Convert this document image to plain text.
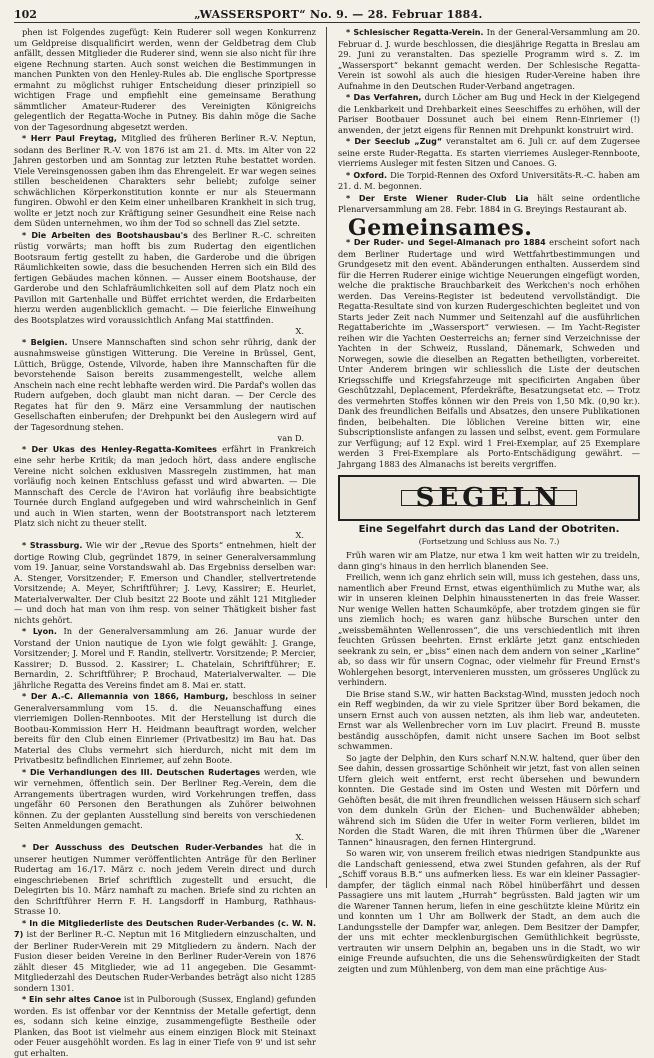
102	„WASSERSPORT“ No. 9. — 28. Februar 1884.

phen ist Folgendes zugefügt: Kein Ruderer soll wegen Konkurrenz um Geldpreise disqualificirt werden, wenn der Geldbetrag dem Club anfällt, dessen Mitglieder die Ruderer sind, wenn sie also nicht für ihre eigene Rechnung starten. Auch sonst weichen die Bestimmungen in manchen Punkten von den Henley-Rules ab. Die englische Sportpresse ermahnt zu möglichst ruhiger Entscheidung dieser prinzipiell so wichtigen Frage und empfiehlt eine gemeinsame Berathung sämmtlicher Amateur-Ruderer des Vereinigten Königreichs gelegentlich der Regatta-Woche in Putney. Bis dahin möge die Sache von der Tagesordnung abgesetzt werden.

* Herr Paul Freytag, Mitglied des früheren Berliner R.-V. Neptun, sodann des Berliner R.-V. von 1876 ist am 21. d. Mts. im Alter von 22 Jahren gestorben und am Sonntag zur letzten Ruhe bestattet worden. Viele Vereinsgenossen gaben ihm das Ehrengeleit. Er war wegen seines stillen bescheidenen Charakters sehr beliebt; zufolge seiner schwächlichen Körperkonstitution konnte er nur als Steuermann fungiren. Obwohl er den Keim einer unheilbaren Krankheit in sich trug, wollte er jetzt noch zur Kräftigung seiner Gesundheit eine Reise nach dem Süden unternehmen, wo ihm der Tod so schnell das Ziel setzte.

* Die Arbeiten des Bootshausbau's des Berliner R.-C. schreiten rüstig vorwärts; man hofft bis zum Rudertag den eigentlichen Bootsraum fertig gestellt zu haben, die Garderobe und die übrigen Räumlichkeiten sowie, dass die besuchenden Herren sich ein Bild des fertigen Gebäudes machen können. — Ausser einem Bootshause, der Garderobe und den Schlafräumlichkeiten soll auf dem Platz noch ein Pavillon mit Gartenhalle und Büffet errichtet werden, die Erdarbeiten hierzu werden augenblicklich gemacht. — Die feierliche Einweihung des Bootsplatzes wird voraussichtlich Anfang Mai stattfinden.

X.

* Belgien. Unsere Mannschaften sind schon sehr rührig, dank der ausnahmsweise günstigen Witterung. Die Vereine in Brüssel, Gent, Lüttich, Brügge, Ostende, Vilvorde, haben ihre Mannschaften für die bevorstehende Saison bereits zusammengestellt, welche allem Anschein nach eine recht lebhafte werden wird. Die Pardaf's wollen das Rudern aufgeben, doch glaubt man nicht daran. — Der Cercle des Regates hat für den 9. März eine Versammlung der nautischen Gesellschaften einberufen; der Drehpunkt bei den Auslegern wird auf der Tagesordnung stehen.

van D.

* Der Ukas des Henley-Regatta-Komitees erfährt in Frankreich eine sehr herbe Kritik; da man jedoch hört, dass andere englische Vereine nicht solchen exklusiven Massregeln zustimmen, hat man vorläufig noch keinen Entschluss gefasst und wird abwarten. — Die Mannschaft des Cercle de l'Aviron hat vorläufig ihre beabsichtigte Tournée durch England aufgegeben und wird wahrscheinlich in Genf und auch in Wien starten, wenn der Bootstransport nach letzterem Platz sich nicht zu theuer stellt.

X.

* Strassburg. Wie wir der „Revue des Sports“ entnehmen, hielt der dortige Rowing Club, gegründet 1879, in seiner Generalversammlung vom 19. Januar, seine Vorstandswahl ab. Das Ergebniss derselben war: A. Stenger, Vorsitzender; F. Emerson und Chandler, stellvertretende Vorsitzende; A. Meyer, Schriftführer; J. Levy, Kassirer; E. Heurlet, Materialverwalter. Der Club besitzt 22 Boote und zählt 121 Mitglieder — und doch hat man von ihm resp. von seiner Thätigkeit bisher fast nichts gehört.

* Lyon. In der Generalversammlung am 26. Januar wurde der Vorstand der Union nautique de Lyon wie folgt gewählt: J. Grange, Vorsitzender; J. Morel und F. Randin, stellvertr. Vorsitzende; P. Mercier, Kassirer; D. Bussod. 2. Kassirer; L. Chatelain, Schriftführer; E. Bernardin, 2. Schriftführer; P. Brochaud, Materialverwalter. — Die jährliche Regatta des Vereins findet am 8. Mai er. statt.

* Der A.-C. Allemannia von 1866, Hamburg, beschloss in seiner Generalversammlung vom 15. d. die Neuanschaffung eines vierriemigen Dollen-Rennbootes. Mit der Herstellung ist durch die Bootbau-Kommission Herr H. Heidmann beauftragt worden, welcher bereits für den Club einen Einriemer (Privatbesitz) im Bau hat. Das Material des Clubs vermehrt sich hierdurch, nicht mit dem im Privatbesitz befindlichen Einriemer, auf zehn Boote.

* Die Verhandlungen des III. Deutschen Rudertages werden, wie wir vernehmen, öffentlich sein. Der Berliner Reg.-Verein, dem die Arrangements übertragen wurden, wird Vorkehrungen treffen, dass ungefähr 60 Personen den Berathungen als Zuhörer beiwohnen können. Zu der geplanten Ausstellung sind bereits von verschiedenen Seiten Anmeldungen gemacht.

X.

* Der Ausschuss des Deutschen Ruder-Verbandes hat die in unserer heutigen Nummer veröffentlichten Anträge für den Berliner Rudertag am 16./17. März c. noch jedem Verein direct und durch eingeschriebenen Brief schriftlich zugestellt und ersucht, die Delegirten bis 10. März namhaft zu machen. Briefe sind zu richten an den Schriftführer Herrn F. H. Langsdorff in Hamburg, Rathhaus-Strasse 10.

* In die Mitgliederliste des Deutschen Ruder-Verbandes (c. W. N. 7) ist der Berliner R.-C. Neptun mit 16 Mitgliedern einzuschalten, und der Berliner Ruder-Verein mit 29 Mitgliedern zu ändern. Nach der Fusion dieser beiden Vereine in den Berliner Ruder-Verein von 1876 zählt dieser 45 Mitglieder, wie ad 11 angegeben. Die Gesammt-Mitgliederzahl des Deutschen Ruder-Verbandes beträgt also nicht 1285 sondern 1301.

* Ein sehr altes Canoe ist in Pulborough (Sussex, England) gefunden worden. Es ist offenbar vor der Kenntniss der Metalle gefertigt, denn es, sodann sich keine einzige, zusammengefügte Bestheile oder Planken, das Boot ist vielmehr aus einem einzigen Block mit Steinaxt oder Feuer ausgehöhlt worden. Es lag in einer Tiefe von 9' und ist sehr gut erhalten.

* Schlesischer Regatta-Verein. In der General-Versammlung am 20. Februar d. J. wurde beschlossen, die diesjährige Regatta in Breslau am 29. Juni zu veranstalten. Das spezielle Programm wird s. Z. im „Wassersport“ bekannt gemacht werden. Der Schlesische Regatta-Verein ist sowohl als auch die hiesigen Ruder-Vereine haben ihre Aufnahme in den Deutschen Ruder-Verband angetragen.

* Das Verfahren, durch Löcher am Bug und Heck in der Kielgegend die Lenkbarkeit und Drehbarkeit eines Seeschiffes zu erhöhen, will der Pariser Bootbauer Dossunet auch bei einem Renn-Einriemer (!) anwenden, der jetzt eigens für Rennen mit Drehpunkt konstruirt wird.

* Der Seeclub „Zug“ veranstaltet am 6. Juli cr. auf dem Zugersee seine erste Ruder-Regatta. Es starten vierriemes Ausleger-Rennboote, vierriems Ausleger mit festen Sitzen und Canoes. G.

* Oxford. Die Torpid-Rennen des Oxford Universitäts-R.-C. haben am 21. d. M. begonnen.

* Der Erste Wiener Ruder-Club Lia hält seine ordentliche Plenarversammlung am 28. Febr. 1884 in G. Breyings Restaurant ab.

Gemeinsames.

* Der Ruder- und Segel-Almanach pro 1884 erscheint sofort nach dem Berliner Rudertage und wird Wettfahrtbestimmungen und Grundgesetz mit den event. Abänderungen enthalten. Ausserdem sind für die Herren Ruderer einige wichtige Neuerungen eingefügt worden, welche die praktische Brauchbarkeit des Werkchen's noch erhöhen werden. Das Vereins-Register ist bedeutend vervollständigt. Die Regatta-Resultate sind von kurzen Rudergeschichten begleitet und von Starts jeder Zeit nach Nummer und Seitenzahl auf die ausführlichen Regattaberichte im „Wassersport“ verwiesen. — Im Yacht-Register reihen wir die Yachten Oesterreichs an; ferner sind Verzeichnisse der Yachten in der Schweiz, Russland, Dänemark, Schweden und Norwegen, sowie die dieselben an Regatten betheiligten, vorbereitet. Unter Anderem bringen wir schliesslich die Liste der deutschen Kriegsschiffe und Kriegsfahrzeuge mit specificirten Angaben über Geschützzahl, Deplacement, Pferdekräfte, Besatzungsetat etc. — Trotz des vermehrten Stoffes können wir den Preis von 1,50 Mk. (0,90 kr.). Dank des freundlichen Beifalls und Absatzes, den unsere Publikationen finden, beibehalten. Die löblichen Vereine bitten wir, eine Subscriptionsliste anfangen zu lassen und selbst, event. gem Formulare zur Verfügung; auf 12 Expl. wird 1 Frei-Exemplar, auf 25 Exemplare werden 3 Frei-Exemplare als Porto-Entschädigung gewährt. — Jahrgang 1883 des Almanachs ist bereits vergriffen.

SEGELN
Eine Segelfahrt durch das Land der Obotriten.
(Fortsetzung und Schluss aus No. 7.)

Früh waren wir am Platze, nur etwa 1 km weit hatten wir zu treideln, dann ging's hinaus in den herrlich blanenden See.

Freilich, wenn ich ganz ehrlich sein will, muss ich gestehen, dass uns, namentlich aber Freund Ernst, etwas eigenthümlich zu Muthe war, als wir in unseren kleinen Delphin hinausstenerten in das freie Wasser. Nur wenige Wellen hatten Schaumköpfe, aber trotzdem gingen sie für uns ziemlich hoch; es waren ganz hübsche Burschen unter den „weissbemähnten Wellenrossen“, die uns verschiedentlich mit ihren feuchten Grüssen beehrten. Ernst erklärte jetzt ganz entschieden seekrank zu sein, er „biss“ einen nach dem andern von seiner „Karline“ ab, so dass wir für unsern Cognac, oder vielmehr für Freund Ernst's Wohlergehen besorgt, intervenieren mussten, um grösseres Unglück zu verhindern.

Die Brise stand S.W., wir hatten Backstag-Wind, mussten jedoch noch ein Reff wegbinden, da wir zu viele Spritzer über Bord bekamen, die unsern Ernst auch von aussen netzten, als ihm lieb war, andeuteten. Ernst war als Wellenbrecher vorn im Luv placirt. Freund B. musste beständig ausschöpfen, damit nicht unsere Sachen im Boot selbst schwammen.

So jagte der Delphin, den Kurs scharf N.N.W. haltend, quer über den See dahin, dessen grossartige Schönheit wir jetzt, fast von allen seinen Ufern gleich weit entfernt, erst recht übersehen und bewundern konnten. Die Gestade sind im Osten und Westen mit Dörfern und Gehöften besät, die mit ihren freundlichen weissen Häusern sich scharf von dem dunkeln Grün der Eichen- und Buchenwälder abheben; während sich im Süden die Ufer in weiter Form verlieren, bildet im Norden die Stadt Waren, die mit ihren Thürmen über die „Warener Tannen“ hinausragen, den fernen Hintergrund.

So waren wir, von unserem freilich etwas niedrigen Standpunkte aus die Landschaft geniessend, etwa zwei Stunden gefahren, als der Ruf „Schiff voraus B.B.“ uns aufmerken liess. Es war ein kleiner Passagier-dampfer, der täglich einmal nach Röbel hinüberfährt und dessen Passagiere uns mit lautem „Hurrah“ begrüssten. Bald jagten wir um die Warener Tannen herum, liefen in eine geschützte kleine Müritz ein und konnten um 1 Uhr am Bollwerk der Stadt, an dem auch die Landungsstelle der Dampfer war, anlegen. Dem Besitzer der Dampfer, der uns mit echter mecklenburgischen Gemüthlichkeit begrüsste, vertrauten wir unsern Delphin an, begaben uns in die Stadt, wo wir einige Freunde aufsuchten, die uns die Sehenswürdigkeiten der Stadt zeigten und zum Mühlenberg, von dem man eine prächtige Aus-
